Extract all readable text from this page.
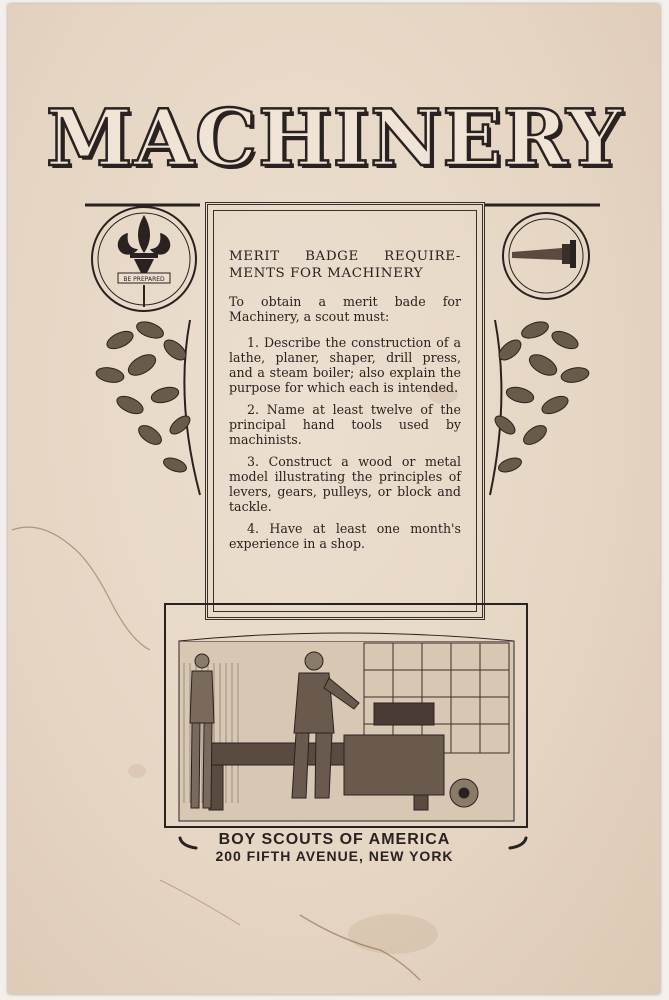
MACHINERY
BE PREPARED

MERIT BADGE REQUIRE- MENTS FOR MACHINERY

To obtain a merit bade for Machinery, a scout must:

1. Describe the construction of a lathe, planer, shaper, drill press, and a steam boiler; also explain the purpose for which each is intended.

2. Name at least twelve of the principal hand tools used by machinists.

3. Construct a wood or metal model illustrating the principles of levers, gears, pulleys, or block and tackle.

4. Have at least one month's experience in a shop.

BOY SCOUTS OF AMERICA
200 FIFTH AVENUE, NEW YORK
